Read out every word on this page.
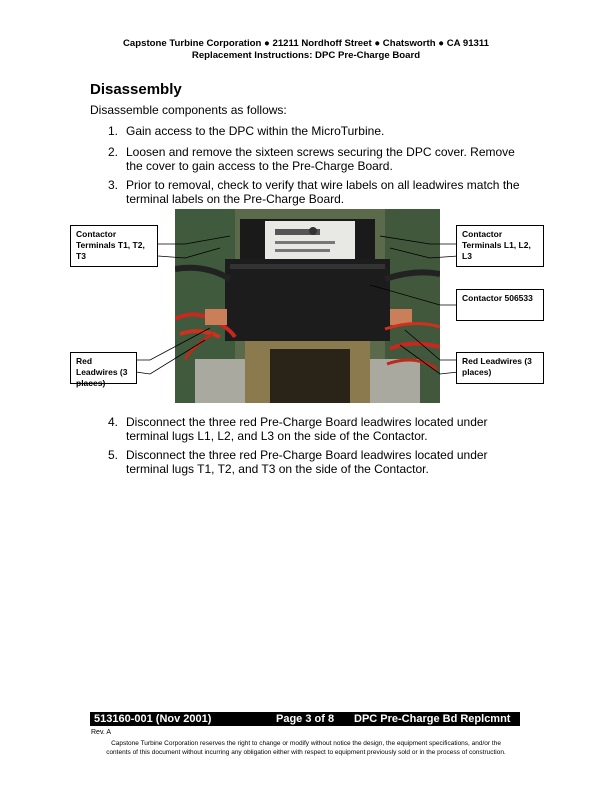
Capstone Turbine Corporation ● 21211 Nordhoff Street ● Chatsworth ● CA 91311
Replacement Instructions: DPC Pre-Charge Board
Disassembly
Disassemble components as follows:
1. Gain access to the DPC within the MicroTurbine.
2. Loosen and remove the sixteen screws securing the DPC cover. Remove the cover to gain access to the Pre-Charge Board.
3. Prior to removal, check to verify that wire labels on all leadwires match the terminal labels on the Pre-Charge Board.
Contactor Terminals T1, T2, T3
Contactor Terminals L1, L2, L3
Contactor 506533
Red Leadwires (3 places)
Red Leadwires (3 places)
4. Disconnect the three red Pre-Charge Board leadwires located under terminal lugs L1, L2, and L3 on the side of the Contactor.
5. Disconnect the three red Pre-Charge Board leadwires located under terminal lugs T1, T2, and T3 on the side of the Contactor.
513160-001 (Nov 2001)	Page 3 of 8 DPC Pre-Charge Bd Replcmnt
Rev. A
Capstone Turbine Corporation reserves the right to change or modify without notice the design, the equipment specifications, and/or the
contents of this document without incurring any obligation either with respect to equipment previously sold or in the process of construction.
